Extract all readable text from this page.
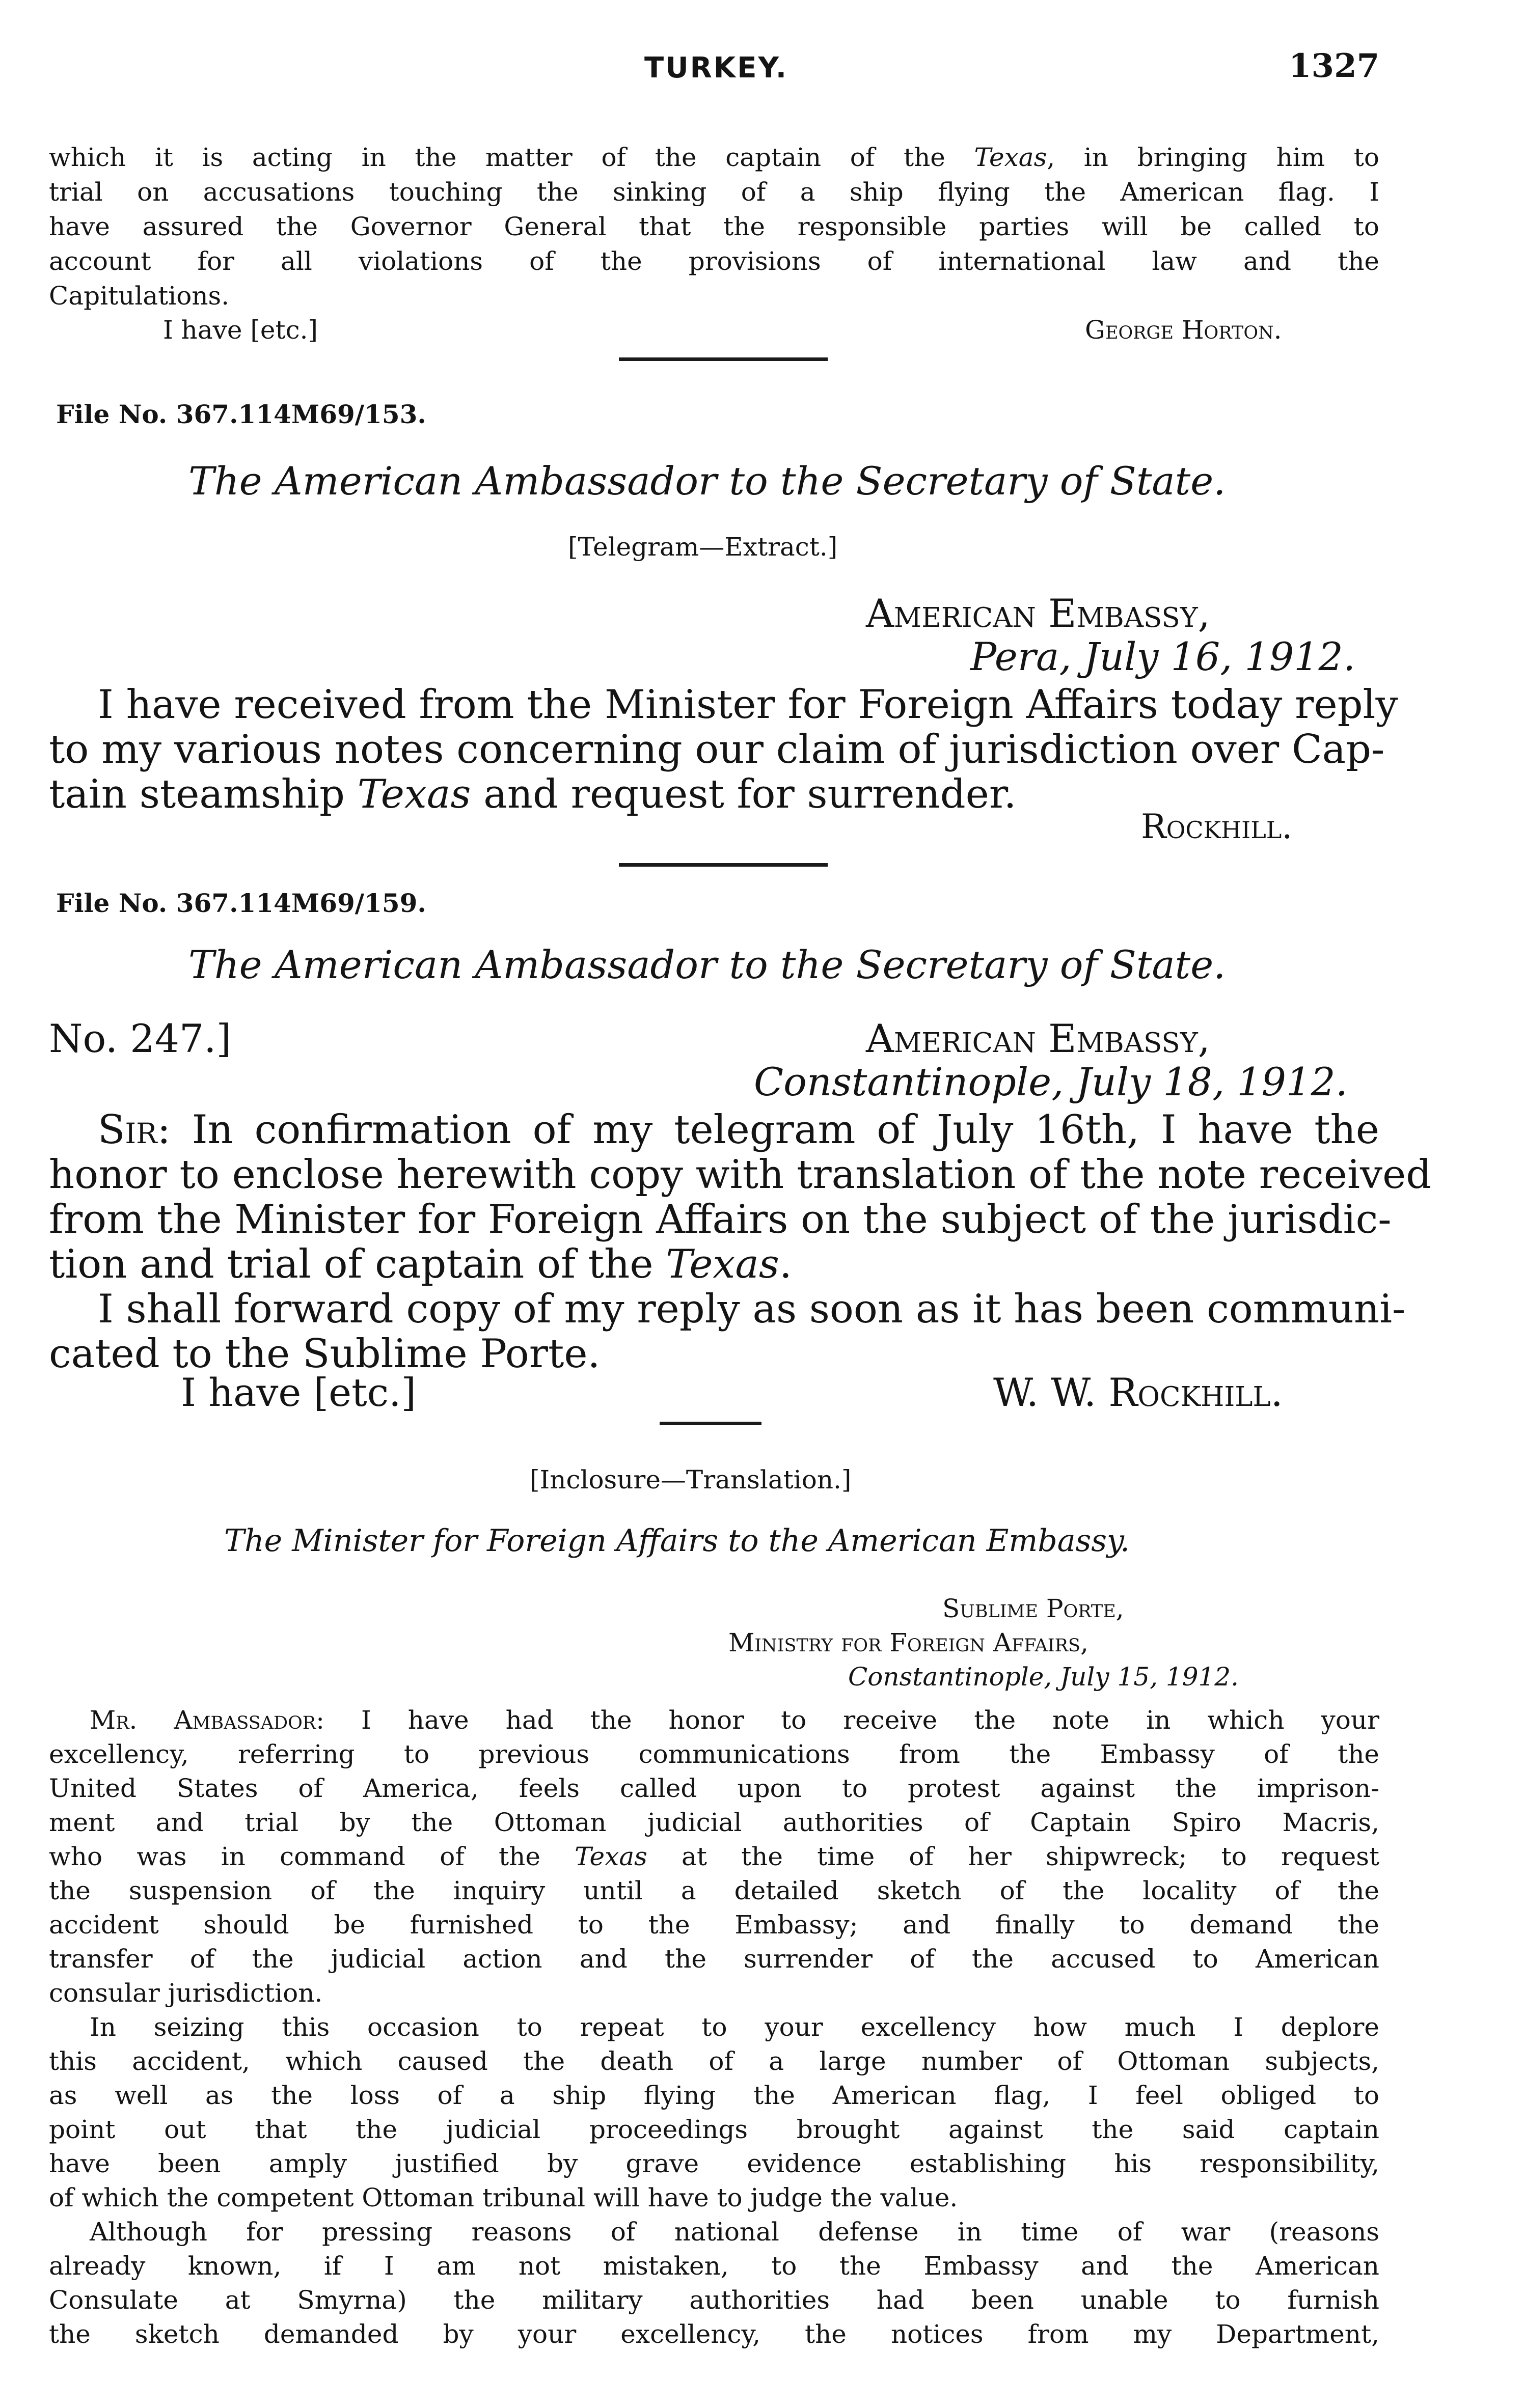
TURKEY.	1327
which it is acting in the matter of the captain of the Texas, in bringing him to
trial on accusations touching the sinking of a ship flying the American flag. I
have assured the Governor General that the responsible parties will be called to
account for all violations of the provisions of international law and the
Capitulations.
I have [etc.]	George Horton.
File No. 367.114M69/153.
The American Ambassador to the Secretary of State.
[Telegram—Extract.]
American Embassy,
Pera, July 16, 1912.
I have received from the Minister for Foreign Affairs today reply
to my various notes concerning our claim of jurisdiction over Cap-
tain steamship Texas and request for surrender.
Rockhill.
File No. 367.114M69/159.
The American Ambassador to the Secretary of State.
No. 247.]	American Embassy,
Constantinople, July 18, 1912.
Sir: In confirmation of my telegram of July 16th, I have the
honor to enclose herewith copy with translation of the note received
from the Minister for Foreign Affairs on the subject of the jurisdic-
tion and trial of captain of the Texas.
I shall forward copy of my reply as soon as it has been communi-
cated to the Sublime Porte.
I have [etc.]	W. W. Rockhill.
[Inclosure—Translation.]
The Minister for Foreign Affairs to the American Embassy.
Sublime Porte,
Ministry for Foreign Affairs,
Constantinople, July 15, 1912.
Mr. Ambassador: I have had the honor to receive the note in which your
excellency, referring to previous communications from the Embassy of the
United States of America, feels called upon to protest against the imprison-
ment and trial by the Ottoman judicial authorities of Captain Spiro Macris,
who was in command of the Texas at the time of her shipwreck; to request
the suspension of the inquiry until a detailed sketch of the locality of the
accident should be furnished to the Embassy; and finally to demand the
transfer of the judicial action and the surrender of the accused to American
consular jurisdiction.
In seizing this occasion to repeat to your excellency how much I deplore
this accident, which caused the death of a large number of Ottoman subjects,
as well as the loss of a ship flying the American flag, I feel obliged to
point out that the judicial proceedings brought against the said captain
have been amply justified by grave evidence establishing his responsibility,
of which the competent Ottoman tribunal will have to judge the value.
Although for pressing reasons of national defense in time of war (reasons
already known, if I am not mistaken, to the Embassy and the American
Consulate at Smyrna) the military authorities had been unable to furnish
the sketch demanded by your excellency, the notices from my Department,
